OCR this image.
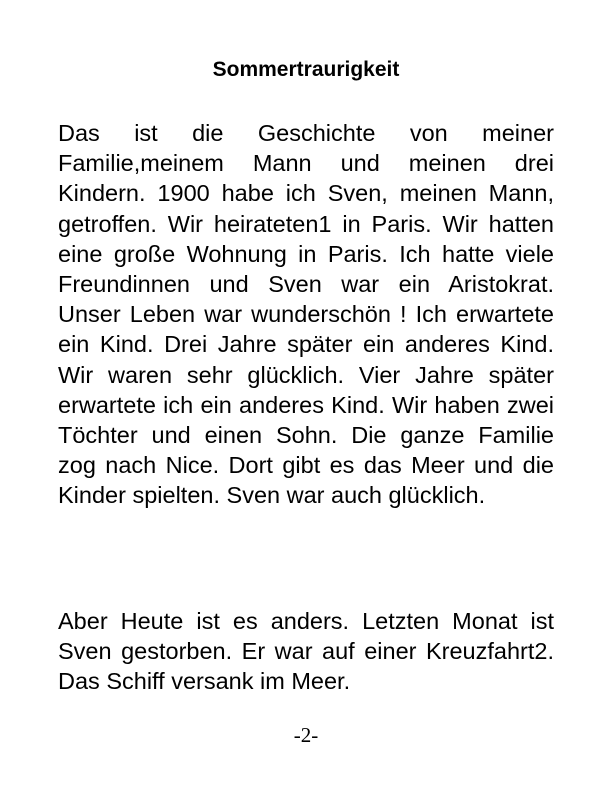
Sommertraurigkeit

Das ist die Geschichte von meiner Familie,meinem Mann und meinen drei Kindern. 1900 habe ich Sven, meinen Mann, getroffen. Wir heirateten1 in Paris. Wir hatten eine große Wohnung in Paris. Ich hatte viele Freundinnen und Sven war ein Aristokrat. Unser Leben war wunderschön ! Ich erwartete ein Kind. Drei Jahre später ein anderes Kind. Wir waren sehr glücklich. Vier Jahre später erwartete ich ein anderes Kind. Wir haben zwei Töchter und einen Sohn. Die ganze Familie zog nach Nice. Dort gibt es das Meer und die Kinder spielten. Sven war auch glücklich.

Aber Heute ist es anders. Letzten Monat ist Sven gestorben. Er war auf einer Kreuzfahrt2. Das Schiff versank im Meer.

-2-
